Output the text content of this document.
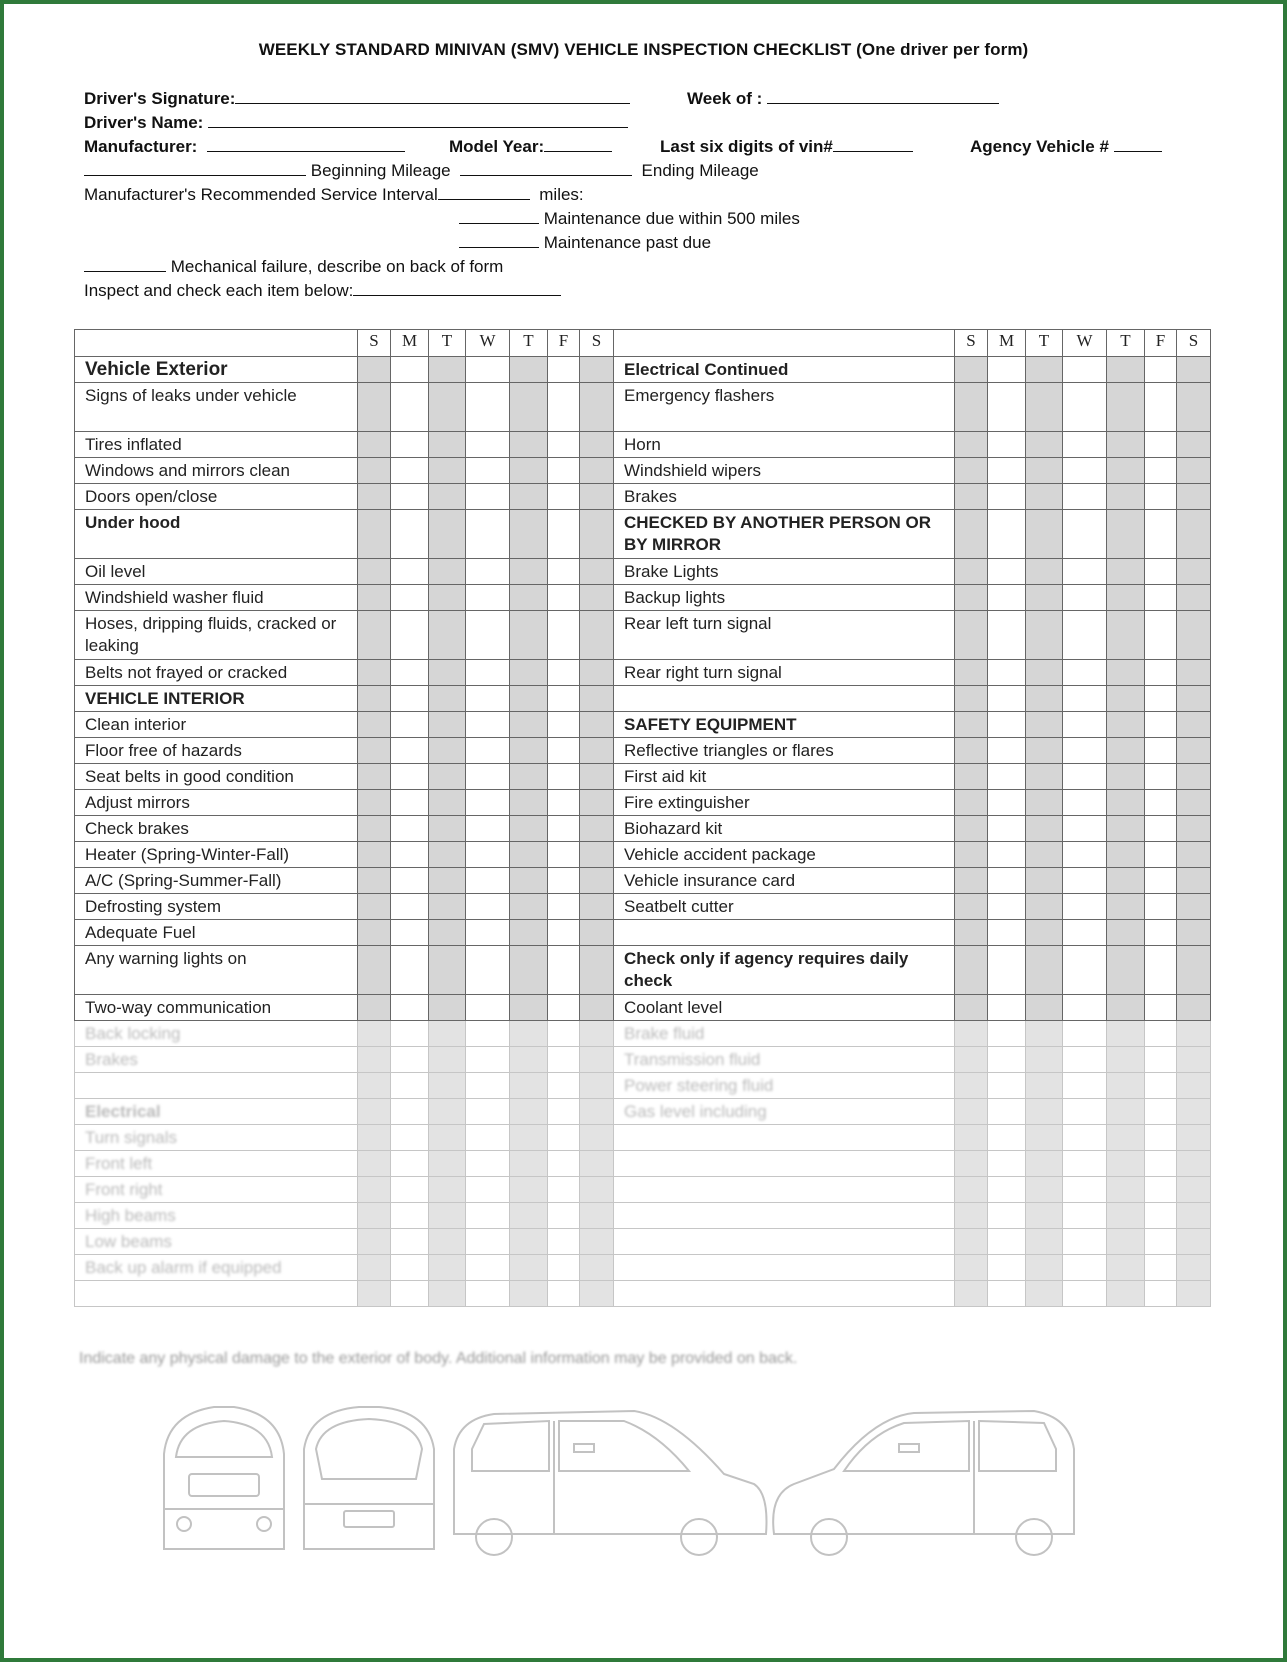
WEEKLY STANDARD MINIVAN (SMV) VEHICLE INSPECTION CHECKLIST (One driver per form)
Driver's Signature:	Week of :
Driver's Name:
Manufacturer:	Model Year:	Last six digits of vin#	Agency Vehicle #
Beginning Mileage	Ending Mileage
Manufacturer's Recommended Service Interval	miles:
Maintenance due within 500 miles
Maintenance past due
Mechanical failure, describe on back of form
Inspect and check each item below:
	S	M	T	W	T	F	S		S	M	T	W	T	F	S
Vehicle Exterior								Electrical Continued							
Signs of leaks under vehicle								Emergency flashers							
Tires inflated								Horn							
Windows and mirrors clean								Windshield wipers							
Doors open/close								Brakes							
Under hood								CHECKED BY ANOTHER PERSON OR BY MIRROR							
Oil level								Brake Lights							
Windshield washer fluid								Backup lights							
Hoses, dripping fluids, cracked or leaking								Rear left turn signal							
Belts not frayed or cracked								Rear right turn signal							
VEHICLE INTERIOR															
Clean interior								SAFETY EQUIPMENT							
Floor free of hazards								Reflective triangles or flares							
Seat belts in good condition								First aid kit							
Adjust mirrors								Fire extinguisher							
Check brakes								Biohazard kit							
Heater (Spring-Winter-Fall)								Vehicle accident package							
A/C (Spring-Summer-Fall)								Vehicle insurance card							
Defrosting system								Seatbelt cutter							
Adequate Fuel															
Any warning lights on								Check only if agency requires daily check							
Two-way communication								Coolant level							
Back locking								Brake fluid							
Brakes								Transmission fluid							
								Power steering fluid							
Electrical								Gas level including							
Turn signals															
Front left															
Front right															
High beams															
Low beams															
Back up alarm if equipped															

Indicate any physical damage to the exterior of body. Additional information may be provided on back.
